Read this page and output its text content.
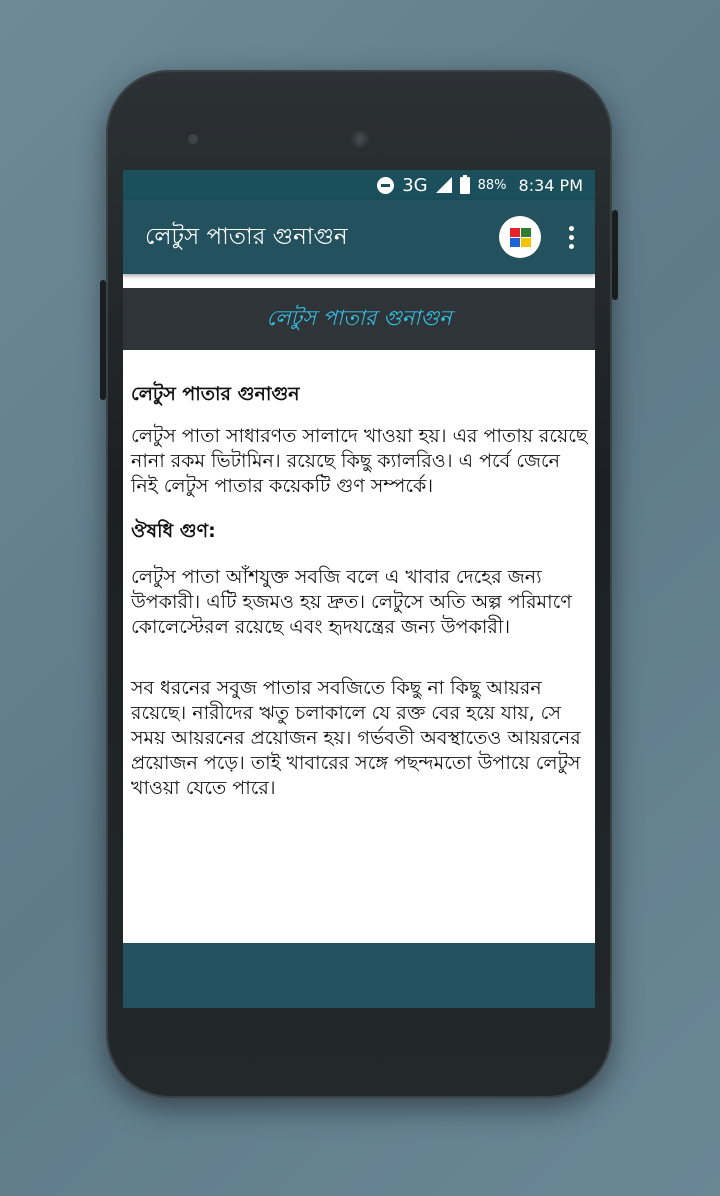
3G	88% 8:34 PM
লেটুস পাতার গুনাগুন
লেটুস পাতার গুনাগুন
লেটুস পাতার গুনাগুন

লেটুস পাতা সাধারণত সালাদে খাওয়া হয়। এর পাতায় রয়েছে নানা রকম ভিটামিন। রয়েছে কিছু ক্যালরিও। এ পর্বে জেনে নিই লেটুস পাতার কয়েকটি গুণ সম্পর্কে।

ঔষধি গুণ:

লেটুস পাতা আঁশযুক্ত সবজি বলে এ খাবার দেহের জন্য উপকারী। এটি হজমও হয় দ্রুত। লেটুসে অতি অল্প পরিমাণে কোলেস্টেরল রয়েছে এবং হৃদযন্ত্রের জন্য উপকারী।

সব ধরনের সবুজ পাতার সবজিতে কিছু না কিছু আয়রন রয়েছে। নারীদের ঋতু চলাকালে যে রক্ত বের হয়ে যায়, সে সময় আয়রনের প্রয়োজন হয়। গর্ভবতী অবস্থাতেও আয়রনের প্রয়োজন পড়ে। তাই খাবারের সঙ্গে পছন্দমতো উপায়ে লেটুস খাওয়া যেতে পারে।
